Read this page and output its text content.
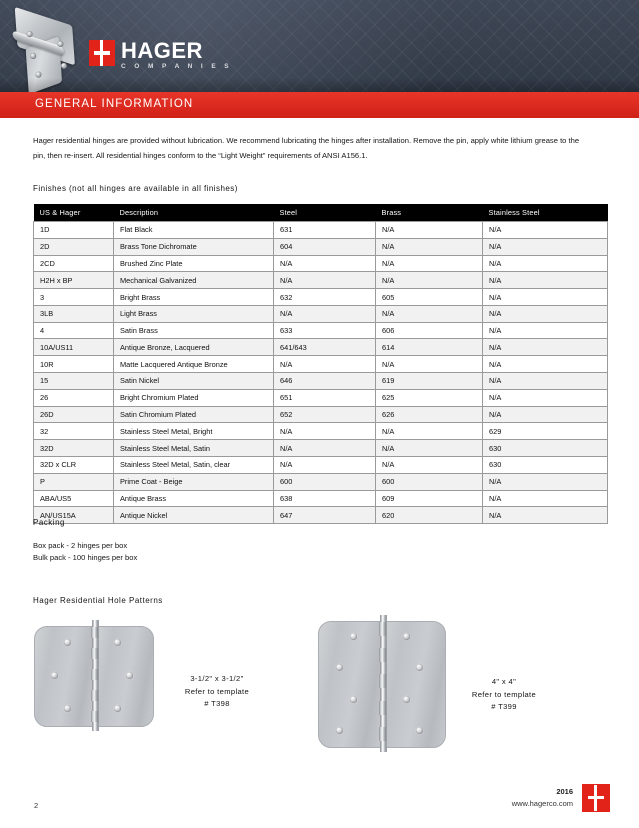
HAGER
C O M P A N I E S
GENERAL INFORMATION
Hager residential hinges are provided without lubrication. We recommend lubricating the hinges after installation. Remove the pin, apply white lithium grease to the pin, then re-insert. All residential hinges conform to the “Light Weight” requirements of ANSI A156.1.
Finishes (not all hinges are available in all finishes)
US & Hager	Description	Steel	Brass	Stainless Steel
1D	Flat Black	631	N/A	N/A
2D	Brass Tone Dichromate	604	N/A	N/A
2CD	Brushed Zinc Plate	N/A	N/A	N/A
H2H x BP	Mechanical Galvanized	N/A	N/A	N/A
3	Bright Brass	632	605	N/A
3LB	Light Brass	N/A	N/A	N/A
4	Satin Brass	633	606	N/A
10A/US11	Antique Bronze, Lacquered	641/643	614	N/A
10R	Matte Lacquered Antique Bronze	N/A	N/A	N/A
15	Satin Nickel	646	619	N/A
26	Bright Chromium Plated	651	625	N/A
26D	Satin Chromium Plated	652	626	N/A
32	Stainless Steel Metal, Bright	N/A	N/A	629
32D	Stainless Steel Metal, Satin	N/A	N/A	630
32D x CLR	Stainless Steel Metal, Satin, clear	N/A	N/A	630
P	Prime Coat - Beige	600	600	N/A
ABA/US5	Antique Brass	638	609	N/A
AN/US15A	Antique Nickel	647	620	N/A
Packing
Box pack - 2 hinges per box
Bulk pack - 100 hinges per box
Hager Residential Hole Patterns
3-1/2" x 3-1/2"
Refer to template
# T398
4" x 4"
Refer to template
# T399
2
2016
www.hagerco.com
